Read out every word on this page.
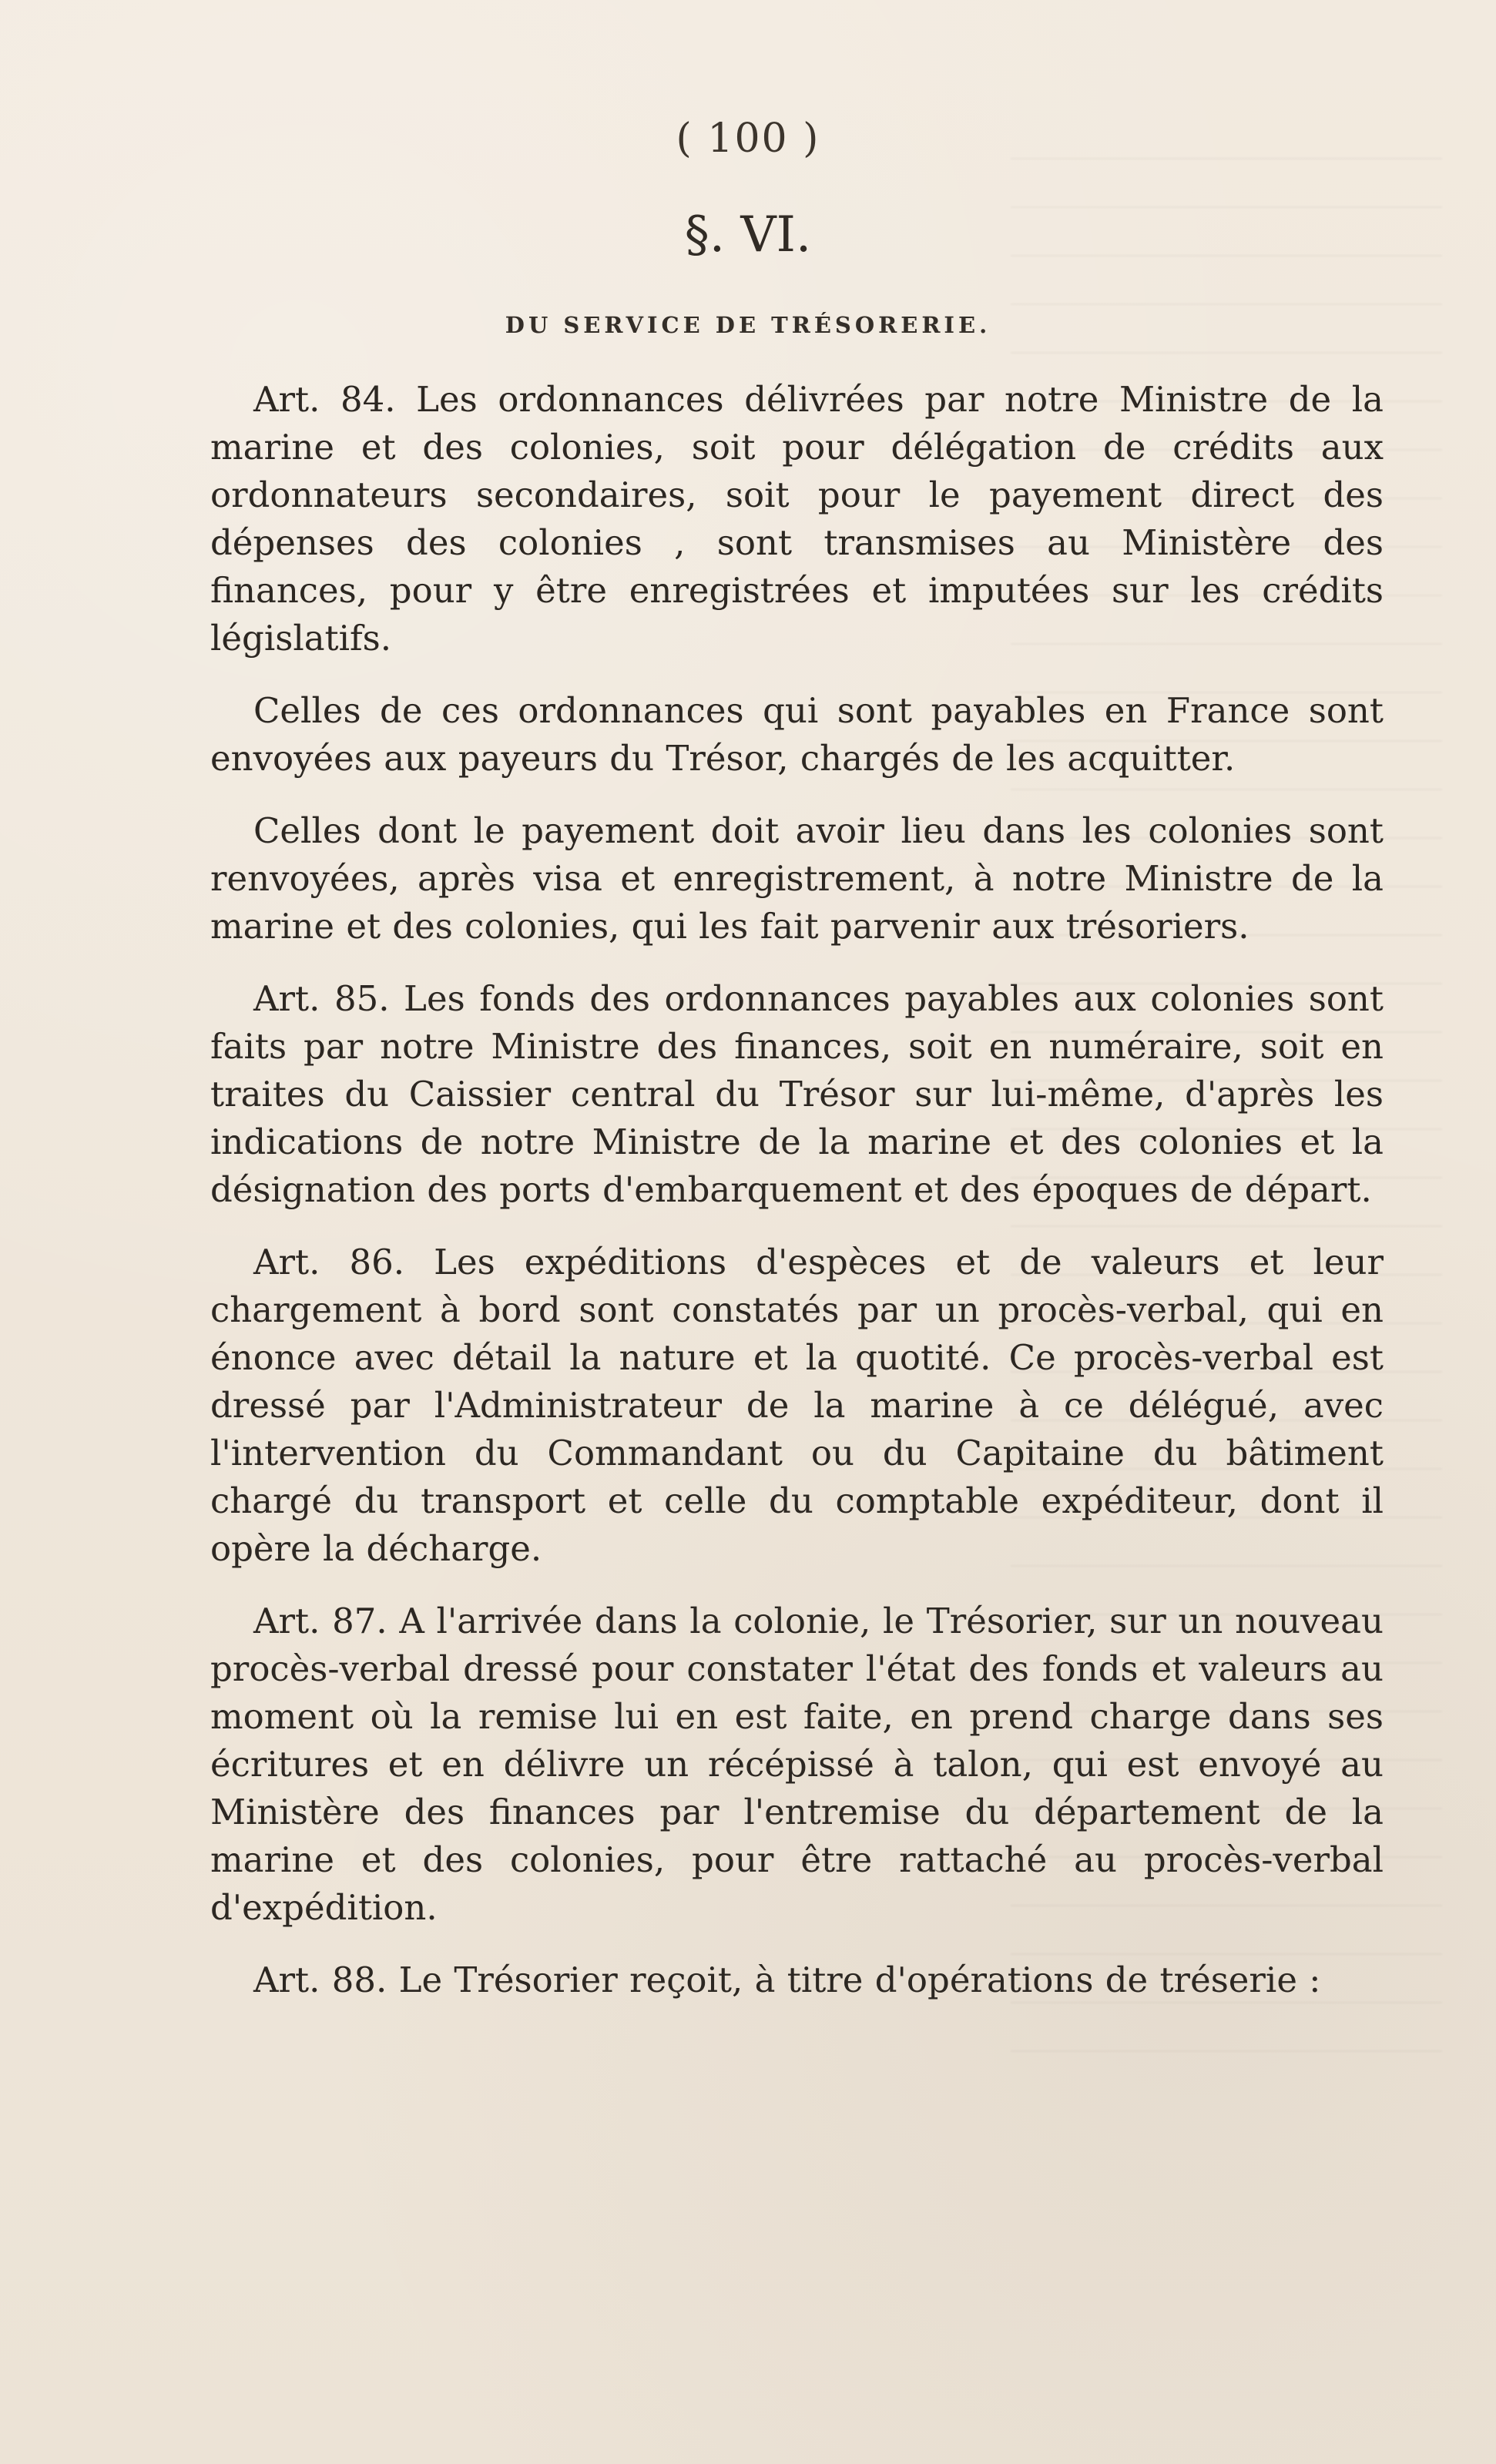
( 100 )
§. VI.
DU SERVICE DE TRÉSORERIE.

Art. 84. Les ordonnances délivrées par notre Ministre de la marine et des colonies, soit pour délégation de crédits aux ordonnateurs secondaires, soit pour le payement direct des dépenses des colonies , sont transmises au Ministère des finances, pour y être enregistrées et imputées sur les crédits législatifs.

Celles de ces ordonnances qui sont payables en France sont envoyées aux payeurs du Trésor, chargés de les acquitter.

Celles dont le payement doit avoir lieu dans les colonies sont renvoyées, après visa et enregistrement, à notre Ministre de la marine et des colonies, qui les fait parvenir aux trésoriers.

Art. 85. Les fonds des ordonnances payables aux colonies sont faits par notre Ministre des finances, soit en numéraire, soit en traites du Caissier central du Trésor sur lui-même, d'après les indications de notre Ministre de la marine et des colonies et la désignation des ports d'embarquement et des époques de départ.

Art. 86. Les expéditions d'espèces et de valeurs et leur chargement à bord sont constatés par un procès-verbal, qui en énonce avec détail la nature et la quotité. Ce procès-verbal est dressé par l'Administrateur de la marine à ce délégué, avec l'intervention du Commandant ou du Capitaine du bâtiment chargé du transport et celle du comptable expéditeur, dont il opère la décharge.

Art. 87. A l'arrivée dans la colonie, le Trésorier, sur un nouveau procès-verbal dressé pour constater l'état des fonds et valeurs au moment où la remise lui en est faite, en prend charge dans ses écritures et en délivre un récépissé à talon, qui est envoyé au Ministère des finances par l'entremise du département de la marine et des colonies, pour être rattaché au procès-verbal d'expédition.

Art. 88. Le Trésorier reçoit, à titre d'opérations de tréserie :
